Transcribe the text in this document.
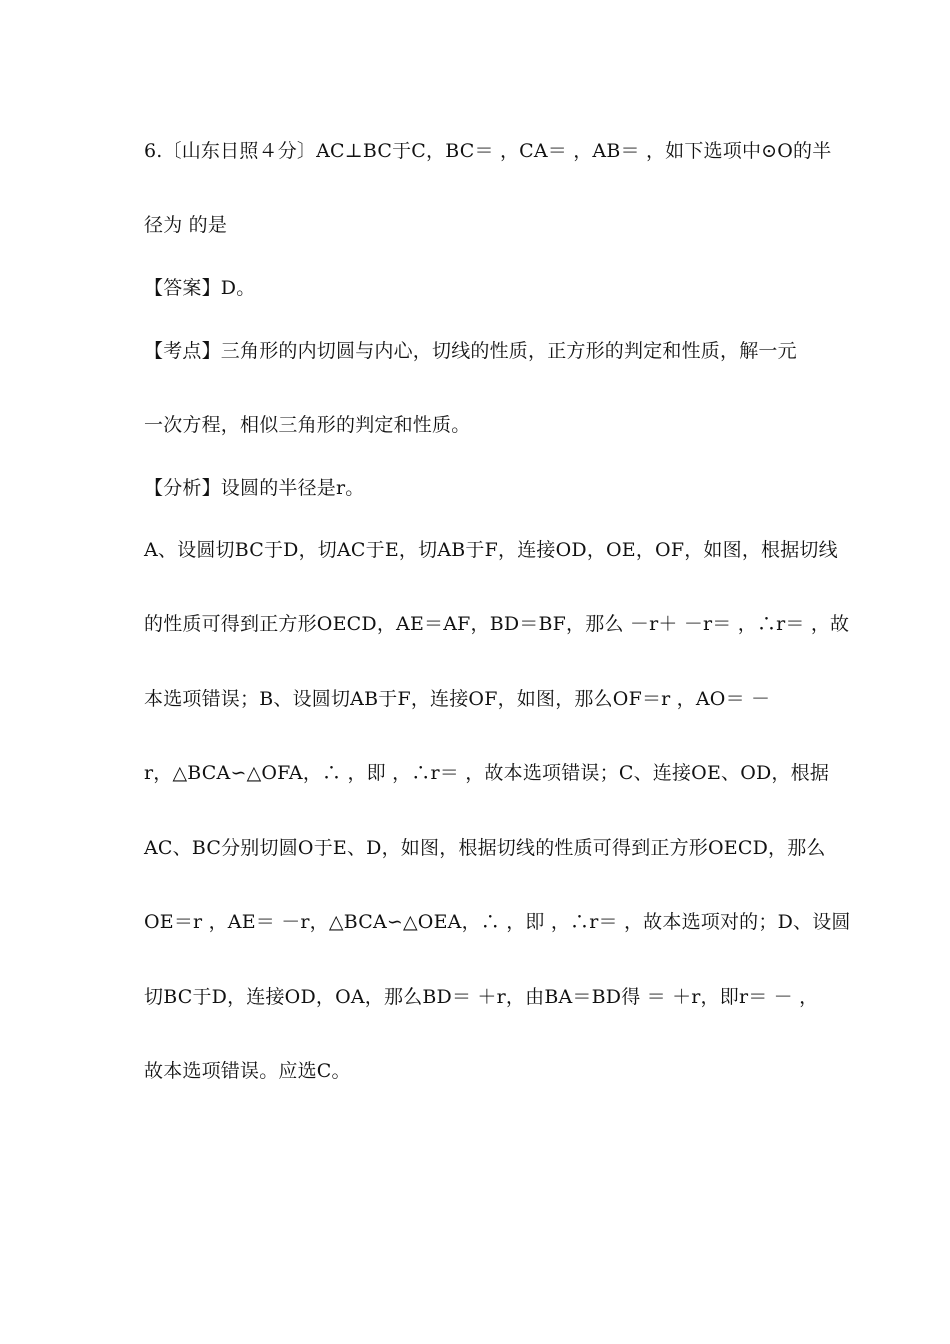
6.〔山东日照４分〕AC⊥BC于C，BC＝ ，CA＝ ，AB＝ ，如下选项中⊙O的半
径为 的是
【答案】D。
【考点】三角形的内切圆与内心，切线的性质，正方形的判定和性质，解一元
一次方程，相似三角形的判定和性质。
【分析】设圆的半径是r。
A、设圆切BC于D，切AC于E，切AB于F，连接OD，OE，OF，如图，根据切线
的性质可得到正方形OECD，AE＝AF，BD＝BF，那么 －r＋ －r＝ ，∴r＝ ，故
本选项错误；B、设圆切AB于F，连接OF，如图，那么OF＝r ，AO＝ －
r，△BCA∽△OFA，∴ ，即 ，∴r＝ ，故本选项错误；C、连接OE、OD，根据
AC、BC分别切圆O于E、D，如图，根据切线的性质可得到正方形OECD，那么
OE＝r ，AE＝ －r，△BCA∽△OEA，∴ ，即 ，∴r＝ ，故本选项对的；D、设圆
切BC于D，连接OD，OA，那么BD＝ ＋r，由BA＝BD得 ＝ ＋r，即r＝ － ，
故本选项错误。应选C。
